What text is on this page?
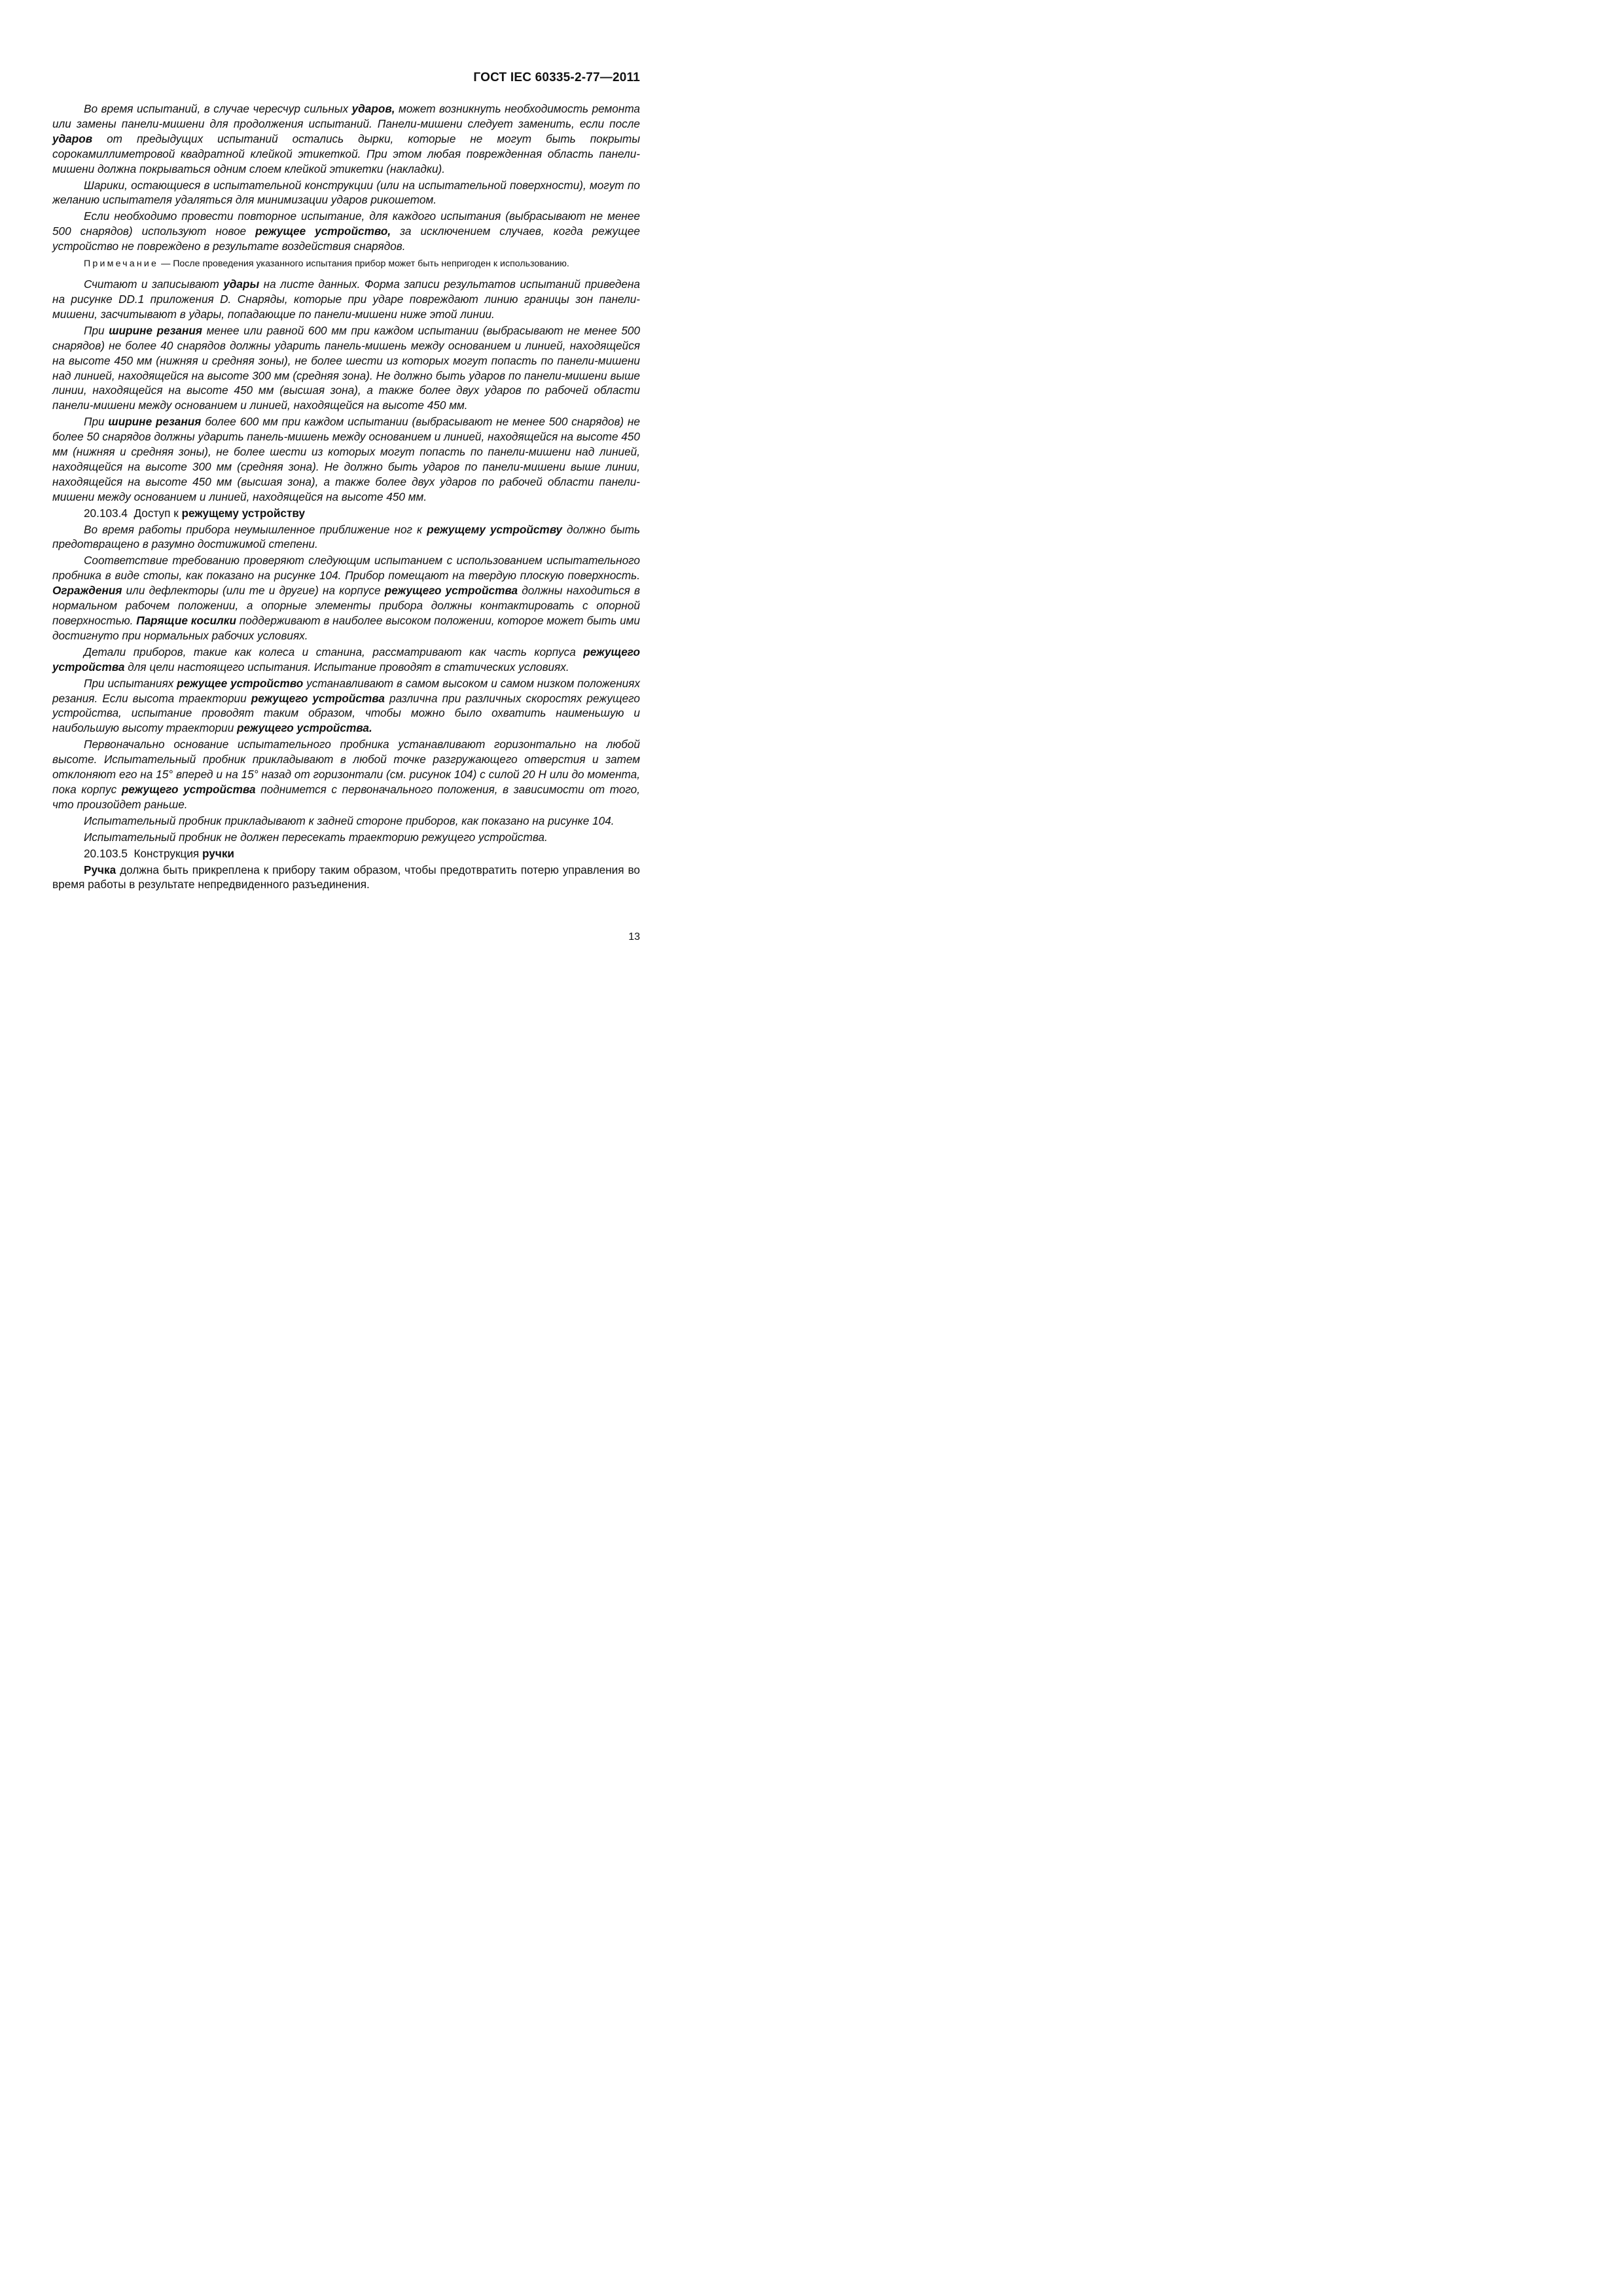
ГОСТ IEC 60335-2-77—2011

Во время испытаний, в случае чересчур сильных ударов, может возникнуть необходимость ремонта или замены панели-мишени для продолжения испытаний. Панели-мишени следует заменить, если после ударов от предыдущих испытаний остались дырки, которые не могут быть покрыты сорокамиллиметровой квадратной клейкой этикеткой. При этом любая поврежденная область панели-мишени должна покрываться одним слоем клейкой этикетки (накладки).

Шарики, остающиеся в испытательной конструкции (или на испытательной поверхности), могут по желанию испытателя удаляться для минимизации ударов рикошетом.

Если необходимо провести повторное испытание, для каждого испытания (выбрасывают не менее 500 снарядов) используют новое режущее устройство, за исключением случаев, когда режущее устройство не повреждено в результате воздействия снарядов.

Примечание — После проведения указанного испытания прибор может быть непригоден к использованию.

Считают и записывают удары на листе данных. Форма записи результатов испытаний приведена на рисунке DD.1 приложения D. Снаряды, которые при ударе повреждают линию границы зон панели-мишени, засчитывают в удары, попадающие по панели-мишени ниже этой линии.

При ширине резания менее или равной 600 мм при каждом испытании (выбрасывают не менее 500 снарядов) не более 40 снарядов должны ударить панель-мишень между основанием и линией, находящейся на высоте 450 мм (нижняя и средняя зоны), не более шести из которых могут попасть по панели-мишени над линией, находящейся на высоте 300 мм (средняя зона). Не должно быть ударов по панели-мишени выше линии, находящейся на высоте 450 мм (высшая зона), а также более двух ударов по рабочей области панели-мишени между основанием и линией, находящейся на высоте 450 мм.

При ширине резания более 600 мм при каждом испытании (выбрасывают не менее 500 снарядов) не более 50 снарядов должны ударить панель-мишень между основанием и линией, находящейся на высоте 450 мм (нижняя и средняя зоны), не более шести из которых могут попасть по панели-мишени над линией, находящейся на высоте 300 мм (средняя зона). Не должно быть ударов по панели-мишени выше линии, находящейся на высоте 450 мм (высшая зона), а также более двух ударов по рабочей области панели-мишени между основанием и линией, находящейся на высоте 450 мм.

20.103.4 Доступ к режущему устройству

Во время работы прибора неумышленное приближение ног к режущему устройству должно быть предотвращено в разумно достижимой степени.

Соответствие требованию проверяют следующим испытанием с использованием испытательного пробника в виде стопы, как показано на рисунке 104. Прибор помещают на твердую плоскую поверхность. Ограждения или дефлекторы (или те и другие) на корпусе режущего устройства должны находиться в нормальном рабочем положении, а опорные элементы прибора должны контактировать с опорной поверхностью. Парящие косилки поддерживают в наиболее высоком положении, которое может быть ими достигнуто при нормальных рабочих условиях.

Детали приборов, такие как колеса и станина, рассматривают как часть корпуса режущего устройства для цели настоящего испытания. Испытание проводят в статических условиях.

При испытаниях режущее устройство устанавливают в самом высоком и самом низком положениях резания. Если высота траектории режущего устройства различна при различных скоростях режущего устройства, испытание проводят таким образом, чтобы можно было охватить наименьшую и наибольшую высоту траектории режущего устройства.

Первоначально основание испытательного пробника устанавливают горизонтально на любой высоте. Испытательный пробник прикладывают в любой точке разгружающего отверстия и затем отклоняют его на 15° вперед и на 15° назад от горизонтали (см. рисунок 104) с силой 20 Н или до момента, пока корпус режущего устройства поднимется с первоначального положения, в зависимости от того, что произойдет раньше.

Испытательный пробник прикладывают к задней стороне приборов, как показано на рисунке 104.

Испытательный пробник не должен пересекать траекторию режущего устройства.

20.103.5 Конструкция ручки

Ручка должна быть прикреплена к прибору таким образом, чтобы предотвратить потерю управления во время работы в результате непредвиденного разъединения.

13
